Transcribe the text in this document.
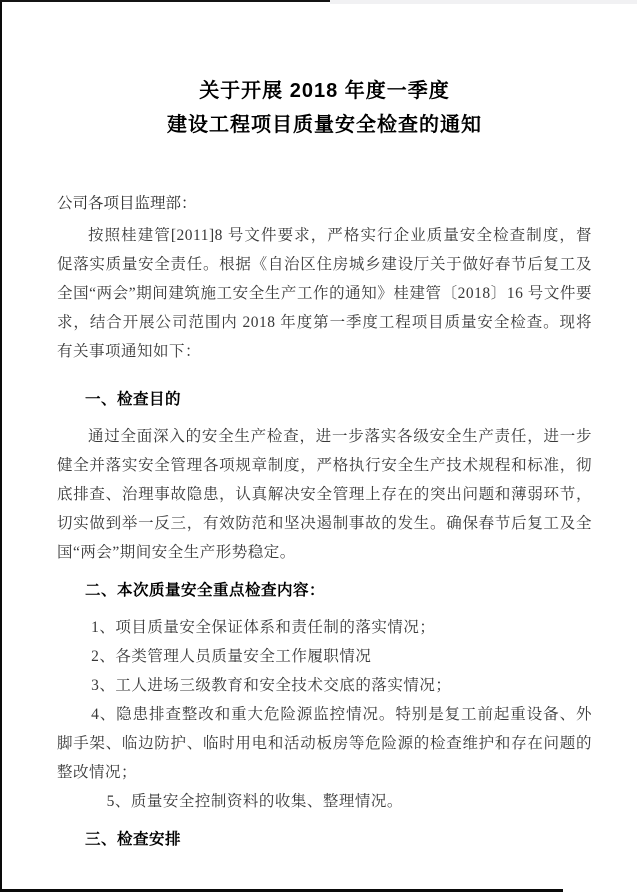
关于开展 2018 年度一季度
建设工程项目质量安全检查的通知

公司各项目监理部：

按照桂建管[2011]8 号文件要求，严格实行企业质量安全检查制度，督促落实质量安全责任。根据《自治区住房城乡建设厅关于做好春节后复工及全国“两会”期间建筑施工安全生产工作的通知》桂建管〔2018〕16 号文件要求，结合开展公司范围内 2018 年度第一季度工程项目质量安全检查。现将有关事项通知如下：

一、检查目的

通过全面深入的安全生产检查，进一步落实各级安全生产责任，进一步健全并落实安全管理各项规章制度，严格执行安全生产技术规程和标准，彻底排查、治理事故隐患，认真解决安全管理上存在的突出问题和薄弱环节，切实做到举一反三，有效防范和坚决遏制事故的发生。确保春节后复工及全国“两会”期间安全生产形势稳定。

二、本次质量安全重点检查内容：

1、项目质量安全保证体系和责任制的落实情况；

2、各类管理人员质量安全工作履职情况

3、工人进场三级教育和安全技术交底的落实情况；

4、隐患排查整改和重大危险源监控情况。特别是复工前起重设备、外脚手架、临边防护、临时用电和活动板房等危险源的检查维护和存在问题的整改情况；

5、质量安全控制资料的收集、整理情况。

三、检查安排
